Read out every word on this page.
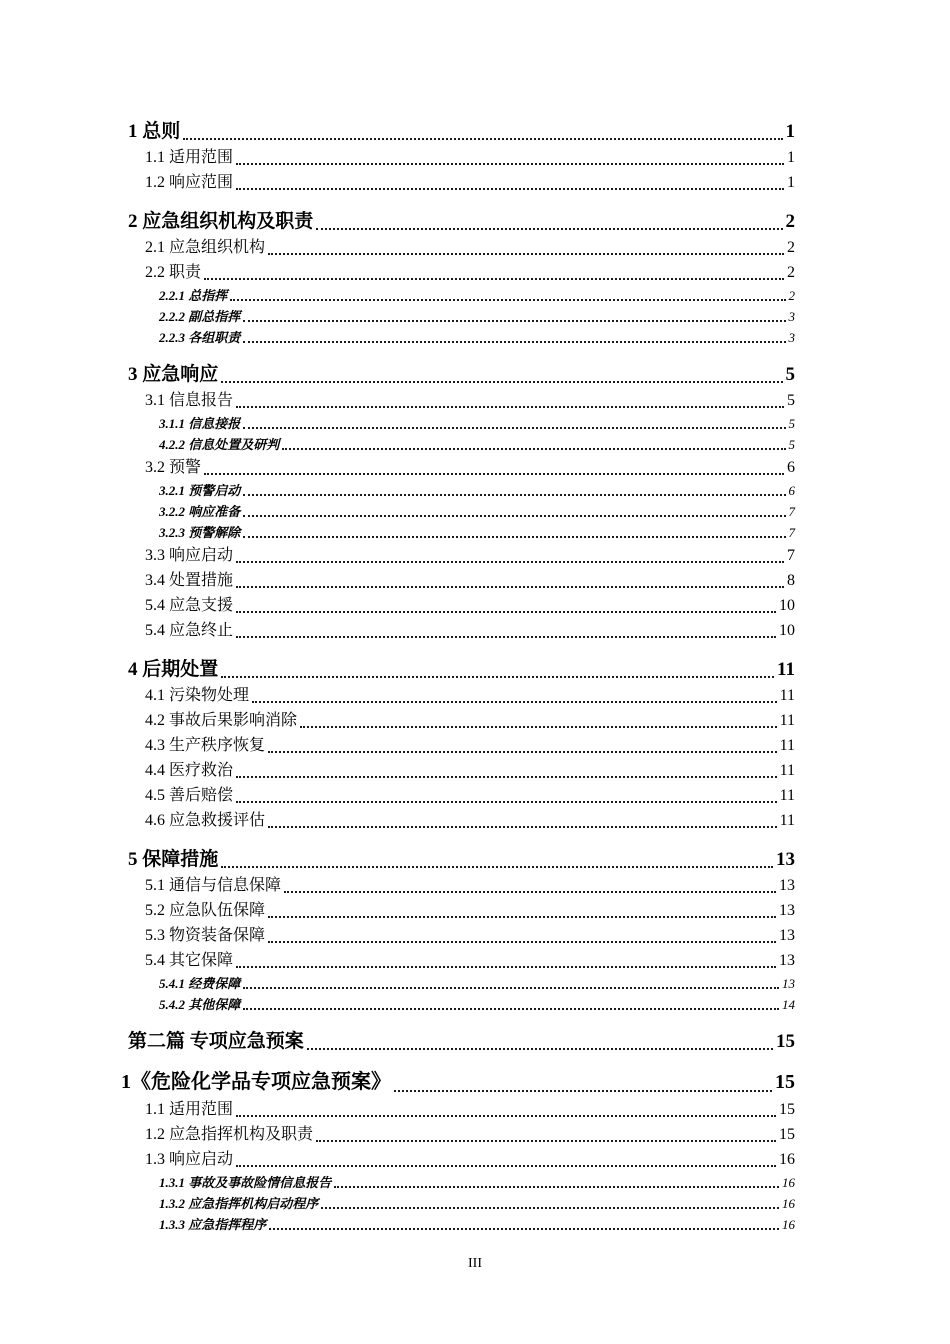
1 总则	1
1.1 适用范围	1
1.2 响应范围	1
2 应急组织机构及职责	2
2.1 应急组织机构	2
2.2 职责	2
2.2.1 总指挥	2
2.2.2 副总指挥	3
2.2.3 各组职责	3
3 应急响应	5
3.1 信息报告	5
3.1.1 信息接报	5
4.2.2 信息处置及研判	5
3.2 预警	6
3.2.1 预警启动	6
3.2.2 响应准备	7
3.2.3 预警解除	7
3.3 响应启动	7
3.4 处置措施	8
5.4 应急支援	10
5.4 应急终止	10
4 后期处置	11
4.1 污染物处理	11
4.2 事故后果影响消除	11
4.3 生产秩序恢复	11
4.4 医疗救治	11
4.5 善后赔偿	11
4.6 应急救援评估	11
5 保障措施	13
5.1 通信与信息保障	13
5.2 应急队伍保障	13
5.3 物资装备保障	13
5.4 其它保障	13
5.4.1 经费保障	13
5.4.2 其他保障	14
第二篇 专项应急预案	15
1《危险化学品专项应急预案》	15
1.1 适用范围	15
1.2 应急指挥机构及职责	15
1.3 响应启动	16
1.3.1 事故及事故险情信息报告	16
1.3.2 应急指挥机构启动程序	16
1.3.3 应急指挥程序	16
III
